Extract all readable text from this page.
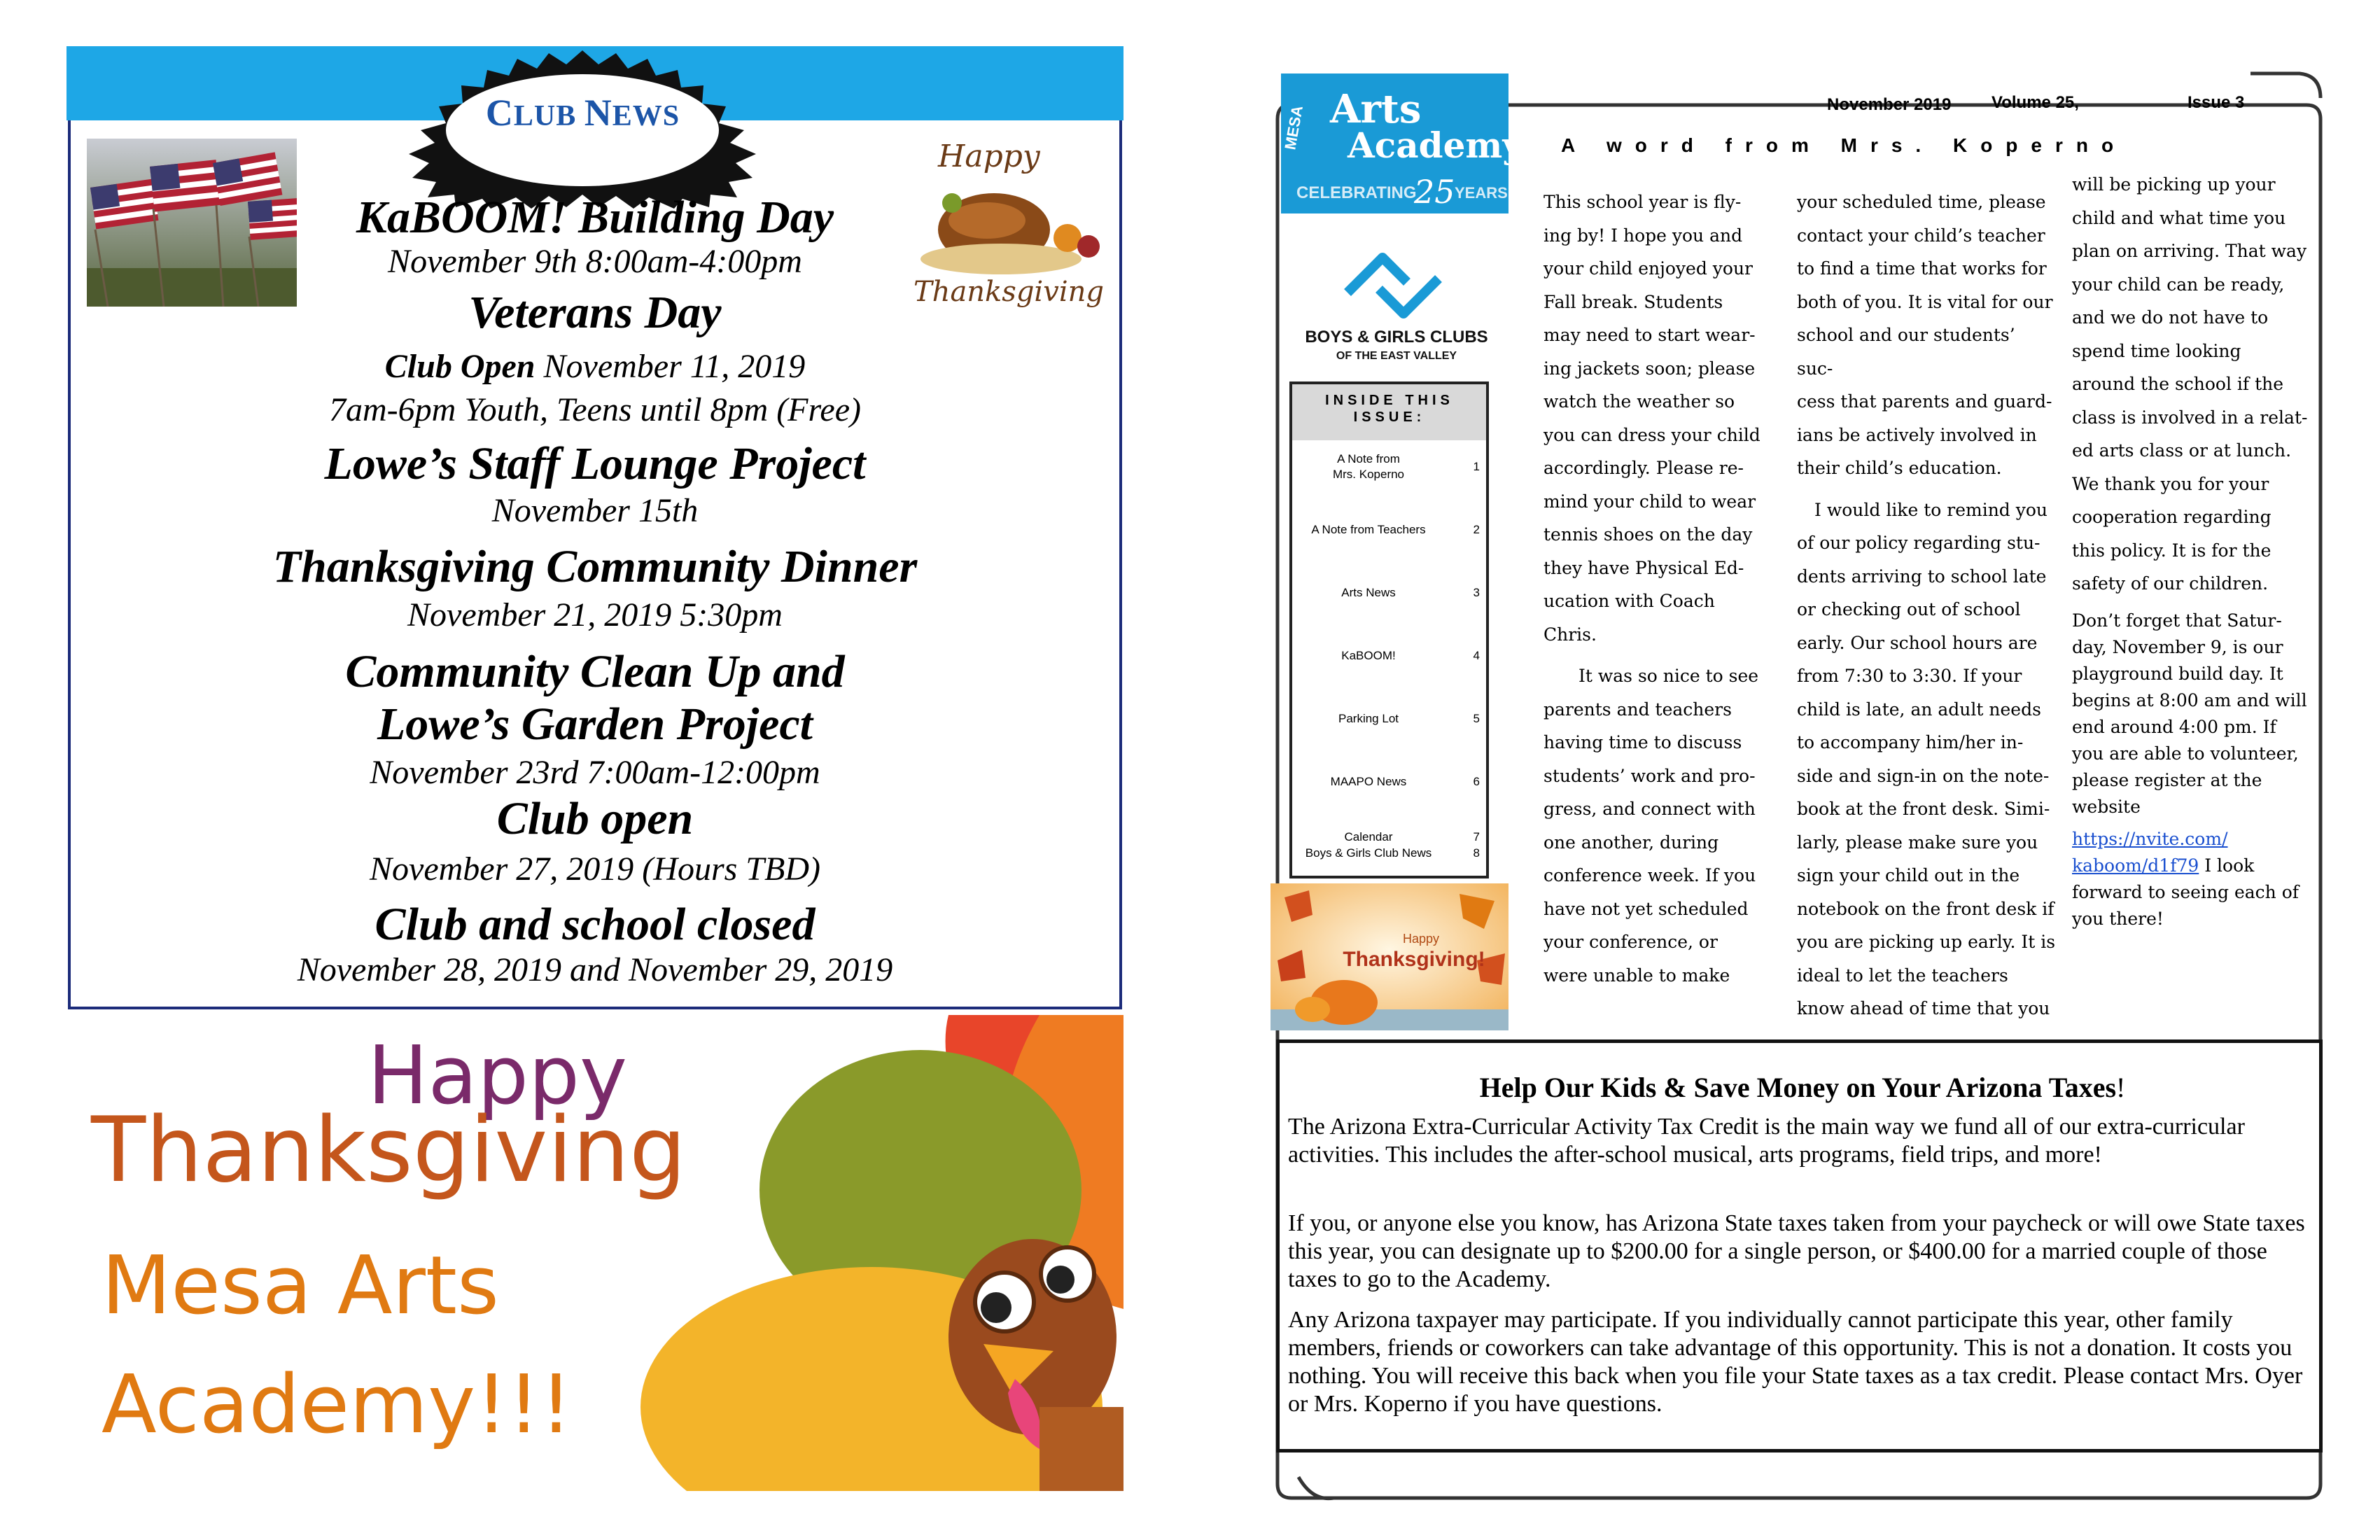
CLUB NEWS
Happy
Thanksgiving
KaBOOM! Building Day
November 9th 8:00am-4:00pm
Veterans Day
Club Open November 11, 2019
7am-6pm Youth, Teens until 8pm (Free)
Lowe’s Staff Lounge Project
November 15th
Thanksgiving Community Dinner
November 21, 2019 5:30pm
Community Clean Up and
Lowe’s Garden Project
November 23rd 7:00am-12:00pm
Club open
November 27, 2019 (Hours TBD)
Club and school closed
November 28, 2019 and November 29, 2019
Happy
Thanksgiving
Mesa Arts
Academy!!!
MESA Arts
Academy
CELEBRATING
25 YEARS
BOYS & GIRLS CLUBS
OF THE EAST VALLEY
INSIDE THIS ISSUE:
A Note from
Mrs. Koperno
1
A Note from Teachers	2
Arts News	3
KaBOOM!	4
Parking Lot	5
MAAPO News	6
Calendar	7
Boys & Girls Club News	8
Happy
Thanksgiving!
November 2019 Volume 25,	Issue 3
A word from Mrs. Koperno

This school year is fly-

ing by! I hope you and

your child enjoyed your

Fall break. Students

may need to start wear-

ing jackets soon; please

watch the weather so

you can dress your child

accordingly. Please re-

mind your child to wear

tennis shoes on the day

they have Physical Ed-

ucation with Coach

Chris.

It was so nice to see

parents and teachers

having time to discuss

students’ work and pro-

gress, and connect with

one another, during

conference week. If you

have not yet scheduled

your conference, or

were unable to make

your scheduled time, please

contact your child’s teacher

to find a time that works for

both of you. It is vital for our

school and our students’ suc-

cess that parents and guard-

ians be actively involved in

their child’s education.

I would like to remind you

of our policy regarding stu-

dents arriving to school late

or checking out of school

early. Our school hours are

from 7:30 to 3:30. If your

child is late, an adult needs

to accompany him/her in-

side and sign-in on the note-

book at the front desk. Simi-

larly, please make sure you

sign your child out in the

notebook on the front desk if

you are picking up early. It is

ideal to let the teachers

know ahead of time that you

will be picking up your

child and what time you

plan on arriving. That way

your child can be ready,

and we do not have to

spend time looking

around the school if the

class is involved in a relat-

ed arts class or at lunch.

We thank you for your

cooperation regarding

this policy. It is for the

safety of our children.

Don’t forget that Satur-
day, November 9, is our
playground build day. It
begins at 8:00 am and will
end around 4:00 pm. If
you are able to volunteer,
please register at the
website
https://nvite.com/
kaboom/d1f79 I look
forward to seeing each of
you there!
Help Our Kids & Save Money on Your Arizona Taxes!

The Arizona Extra-Curricular Activity Tax Credit is the main way we fund all of our extra-curricular activities. This includes the after-school musical, arts programs, field trips, and more!

If you, or anyone else you know, has Arizona State taxes taken from your paycheck or will owe State taxes this year, you can designate up to $200.00 for a single person, or $400.00 for a married couple of those taxes to go to the Academy.

Any Arizona taxpayer may participate. If you individually cannot participate this year, other family members, friends or coworkers can take advantage of this opportunity. This is not a donation. It costs you nothing. You will receive this back when you file your State taxes as a tax credit. Please contact Mrs. Oyer or Mrs. Koperno if you have questions.
